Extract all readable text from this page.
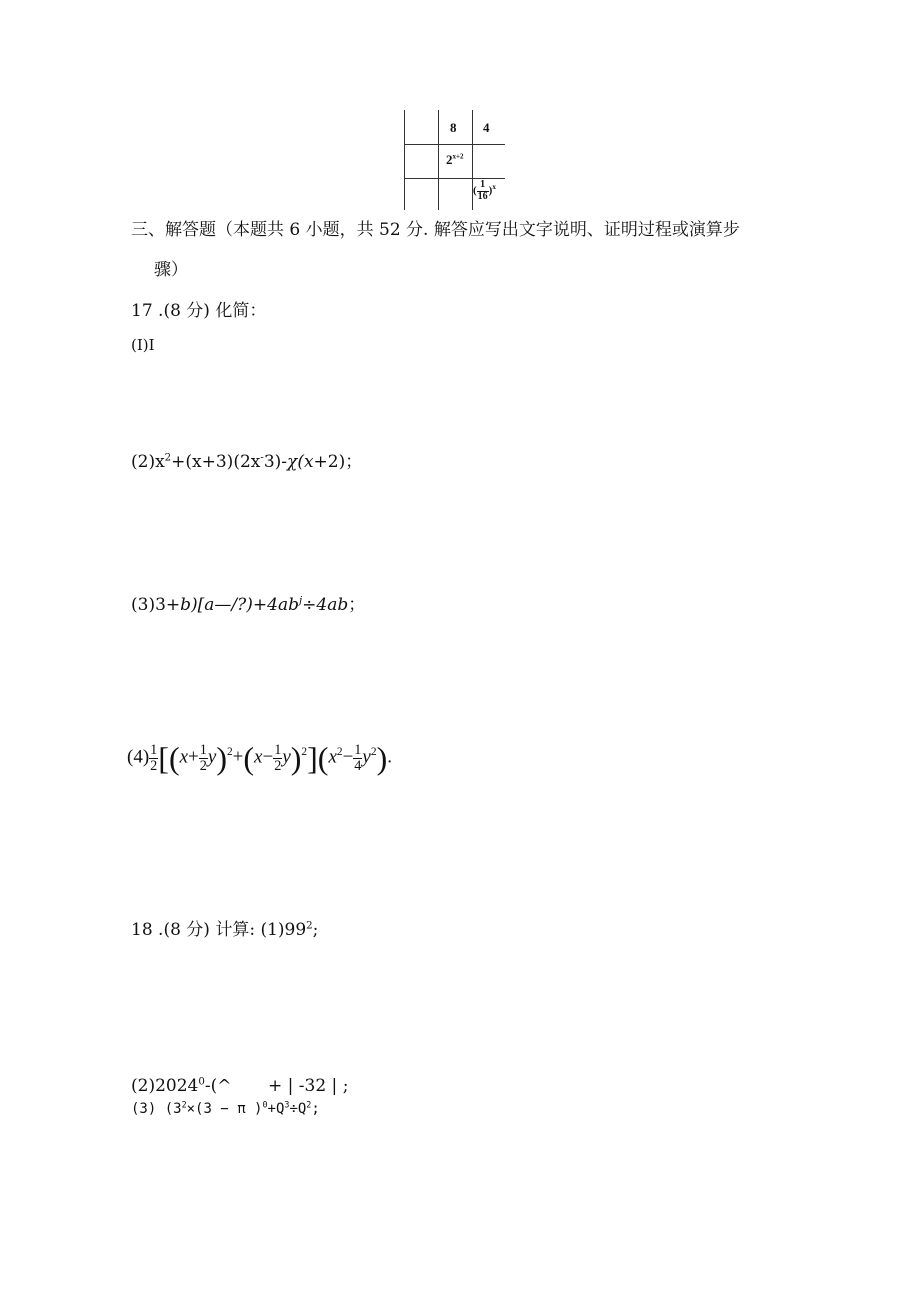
8 4
$2^{x+2}$
( $\frac{1}{16} )^x$
三、解答题（本题共 6 小题，共 52 分. 解答应写出文字说明、证明过程或演算步
骤）
17 .(8 分) 化简：
(I)I
$(2)x^2+(x+3)(2x^-3)-\chi(x+2)$；
$(3)3+b)[a—/?)+4ab^j\div 4ab$；
$(4) \frac{1}{2} [(x+ \frac{1}{2} y)^2+(x- \frac{1}{2} y)^2](x^2- \frac{1}{4} y^2)$.
18 .(8 分) 计算: $(1)99^2$;
$(2)2024^0-(\^{}$ + | -32 | ;
(3) ($3^2\times(3 - \pi$ )$^0+Q^3\div Q^2$;
